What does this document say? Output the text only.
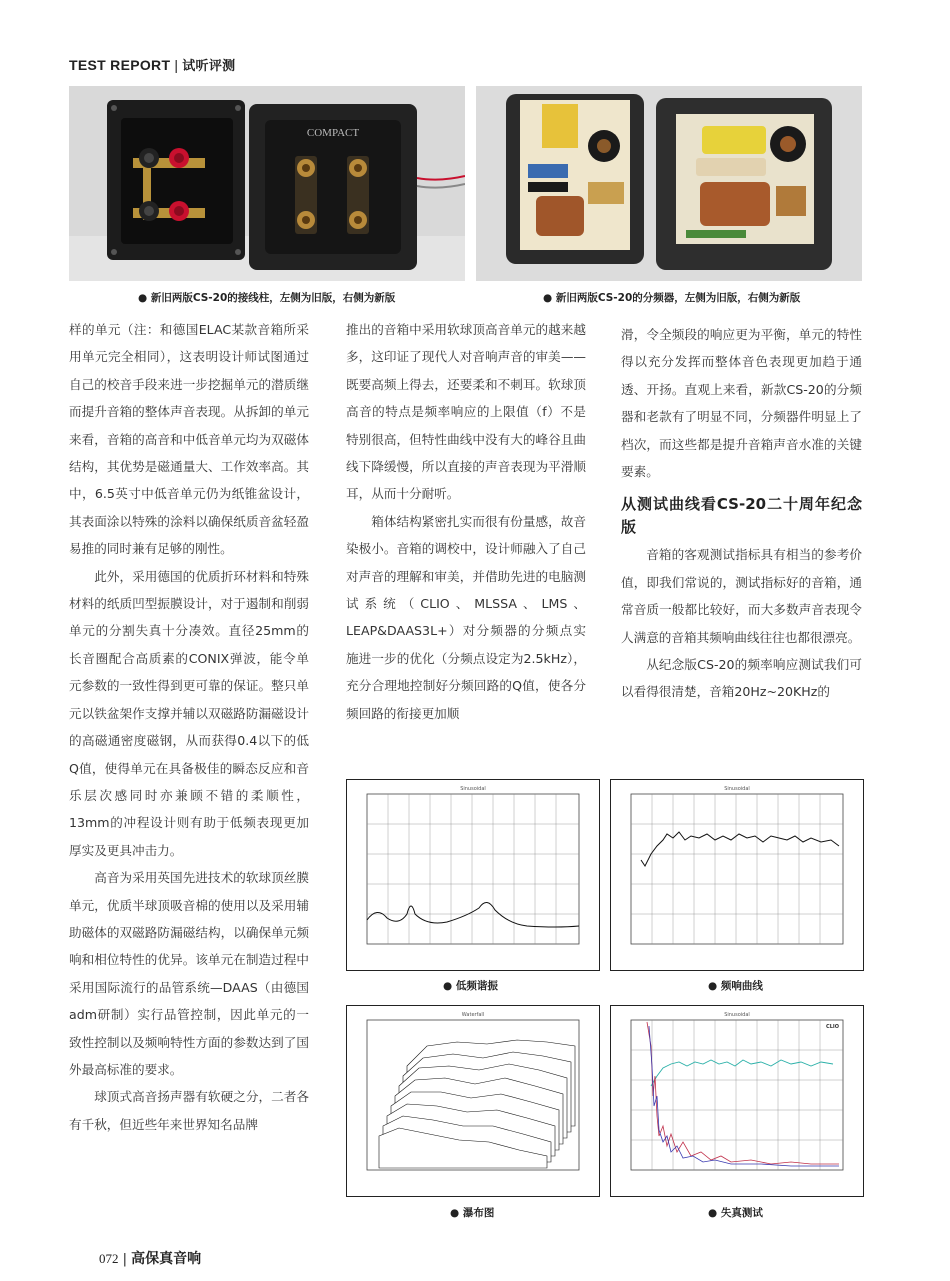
TEST REPORT | 试听评测
COMPACT
● 新旧两版CS-20的接线柱，左侧为旧版，右侧为新版	● 新旧两版CS-20的分频器，左侧为旧版，右侧为新版

样的单元（注：和德国ELAC某款音箱所采用单元完全相同），这表明设计师试图通过自己的校音手段来进一步挖掘单元的潜质继而提升音箱的整体声音表现。从拆卸的单元来看，音箱的高音和中低音单元均为双磁体结构，其优势是磁通量大、工作效率高。其中，6.5英寸中低音单元仍为纸锥盆设计，其表面涂以特殊的涂料以确保纸质音盆轻盈易推的同时兼有足够的刚性。

此外，采用德国的优质折环材料和特殊材料的纸质凹型振膜设计，对于遏制和削弱单元的分割失真十分凑效。直径25mm的长音圈配合高质素的CONIX弹波，能令单元参数的一致性得到更可靠的保证。整只单元以铁盆架作支撑并辅以双磁路防漏磁设计的高磁通密度磁钢，从而获得0.4以下的低Q值，使得单元在具备极佳的瞬态反应和音乐层次感同时亦兼顾不错的柔顺性，13mm的冲程设计则有助于低频表现更加厚实及更具冲击力。

高音为采用英国先进技术的软球顶丝膜单元，优质半球顶吸音棉的使用以及采用辅助磁体的双磁路防漏磁结构，以确保单元频响和相位特性的优异。该单元在制造过程中采用国际流行的品管系统—DAAS（由德国adm研制）实行品管控制，因此单元的一致性控制以及频响特性方面的参数达到了国外最高标准的要求。

球顶式高音扬声器有软硬之分，二者各有千秋，但近些年来世界知名品牌

推出的音箱中采用软球顶高音单元的越来越多，这印证了现代人对音响声音的审美——既要高频上得去，还要柔和不刺耳。软球顶高音的特点是频率响应的上限值（f）不是特别很高，但特性曲线中没有大的峰谷且曲线下降缓慢，所以直接的声音表现为平滑顺耳，从而十分耐听。

箱体结构紧密扎实而很有份量感，故音染极小。音箱的调校中，设计师融入了自己对声音的理解和审美，并借助先进的电脑测试系统（CLIO、MLSSA、LMS、LEAP&DAAS3L+）对分频器的分频点实施进一步的优化（分频点设定为2.5kHz），充分合理地控制好分频回路的Q值，使各分频回路的衔接更加顺

滑，令全频段的响应更为平衡，单元的特性得以充分发挥而整体音色表现更加趋于通透、开扬。直观上来看，新款CS-20的分频器和老款有了明显不同，分频器件明显上了档次，而这些都是提升音箱声音水准的关键要素。

从测试曲线看CS-20二十周年纪念版

音箱的客观测试指标具有相当的参考价值，即我们常说的，测试指标好的音箱，通常音质一般都比较好，而大多数声音表现令人满意的音箱其频响曲线往往也都很漂亮。

从纪念版CS-20的频率响应测试我们可以看得很清楚，音箱20Hz~20KHz的

Sinusoidal	Sinusoidal
● 低频谐振	● 频响曲线
Waterfall	Sinusoidal
CLIO
● 瀑布图	● 失真测试
072 | 高保真音响
